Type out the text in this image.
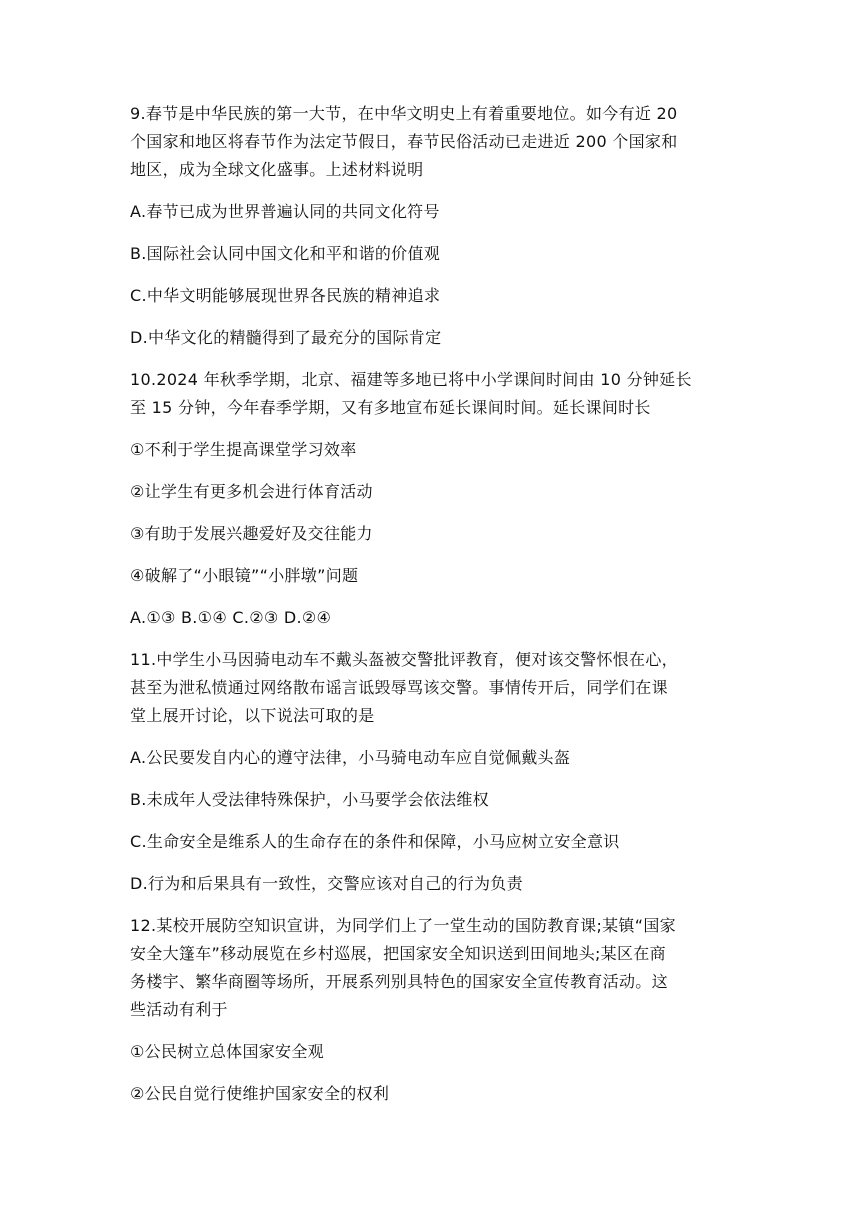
9.春节是中华民族的第一大节，在中华文明史上有着重要地位。如今有近 20
个国家和地区将春节作为法定节假日，春节民俗活动已走进近 200 个国家和
地区，成为全球文化盛事。上述材料说明
A.春节已成为世界普遍认同的共同文化符号
B.国际社会认同中国文化和平和谐的价值观
C.中华文明能够展现世界各民族的精神追求
D.中华文化的精髓得到了最充分的国际肯定
10.2024 年秋季学期，北京、福建等多地已将中小学课间时间由 10 分钟延长
至 15 分钟，今年春季学期，又有多地宣布延长课间时间。延长课间时长
①不利于学生提高课堂学习效率
②让学生有更多机会进行体育活动
③有助于发展兴趣爱好及交往能力
④破解了“小眼镜”“小胖墩”问题
A.①③ B.①④ C.②③ D.②④
11.中学生小马因骑电动车不戴头盔被交警批评教育，便对该交警怀恨在心，
甚至为泄私愤通过网络散布谣言诋毁辱骂该交警。事情传开后，同学们在课
堂上展开讨论，以下说法可取的是
A.公民要发自内心的遵守法律，小马骑电动车应自觉佩戴头盔
B.未成年人受法律特殊保护，小马要学会依法维权
C.生命安全是维系人的生命存在的条件和保障，小马应树立安全意识
D.行为和后果具有一致性，交警应该对自己的行为负责
12.某校开展防空知识宣讲，为同学们上了一堂生动的国防教育课;某镇“国家
安全大篷车”移动展览在乡村巡展，把国家安全知识送到田间地头;某区在商
务楼宇、繁华商圈等场所，开展系列别具特色的国家安全宣传教育活动。这
些活动有利于
①公民树立总体国家安全观
②公民自觉行使维护国家安全的权利
